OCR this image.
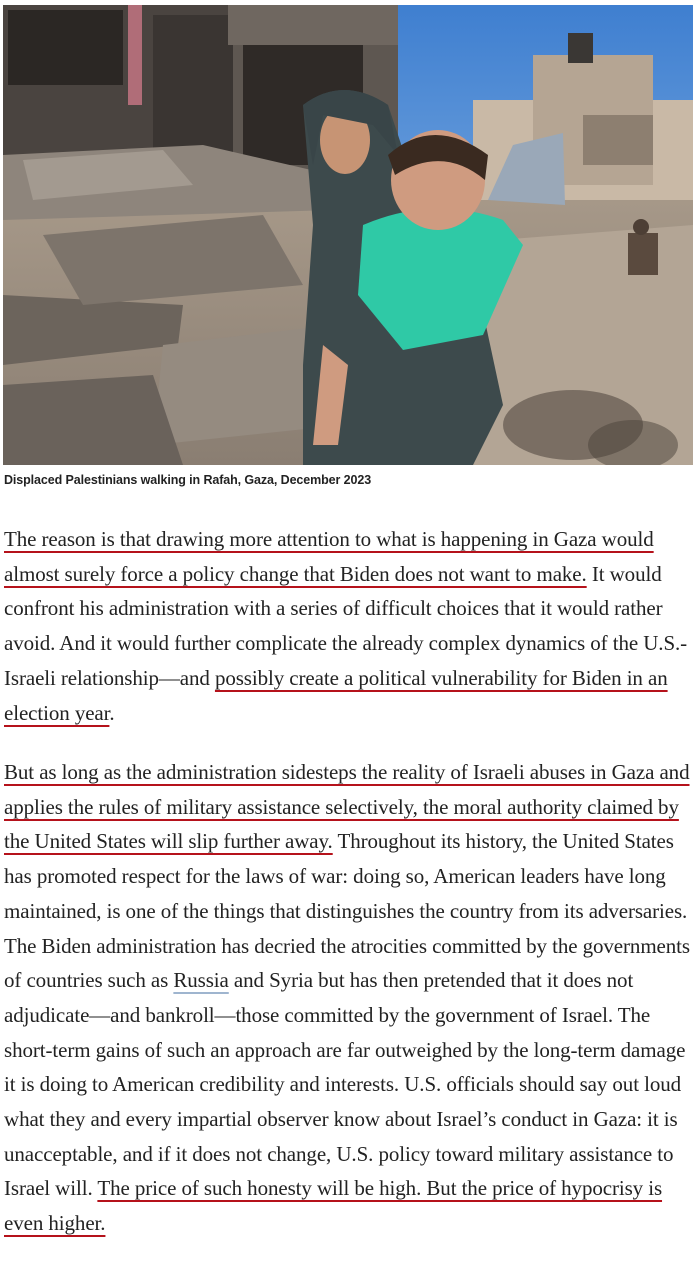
Displaced Palestinians walking in Rafah, Gaza, December 2023

The reason is that drawing more attention to what is happening in Gaza would almost surely force a policy change that Biden does not want to make. It would confront his administration with a series of difficult choices that it would rather avoid. And it would further complicate the already complex dynamics of the U.S.-Israeli relationship—and possibly create a political vulnerability for Biden in an election year.

But as long as the administration sidesteps the reality of Israeli abuses in Gaza and applies the rules of military assistance selectively, the moral authority claimed by the United States will slip further away. Throughout its history, the United States has promoted respect for the laws of war: doing so, American leaders have long maintained, is one of the things that distinguishes the country from its adversaries. The Biden administration has decried the atrocities committed by the governments of countries such as Russia and Syria but has then pretended that it does not adjudicate—and bankroll—those committed by the government of Israel. The short-term gains of such an approach are far outweighed by the long-term damage it is doing to American credibility and interests. U.S. officials should say out loud what they and every impartial observer know about Israel’s conduct in Gaza: it is unacceptable, and if it does not change, U.S. policy toward military assistance to Israel will. The price of such honesty will be high. But the price of hypocrisy is even higher.
